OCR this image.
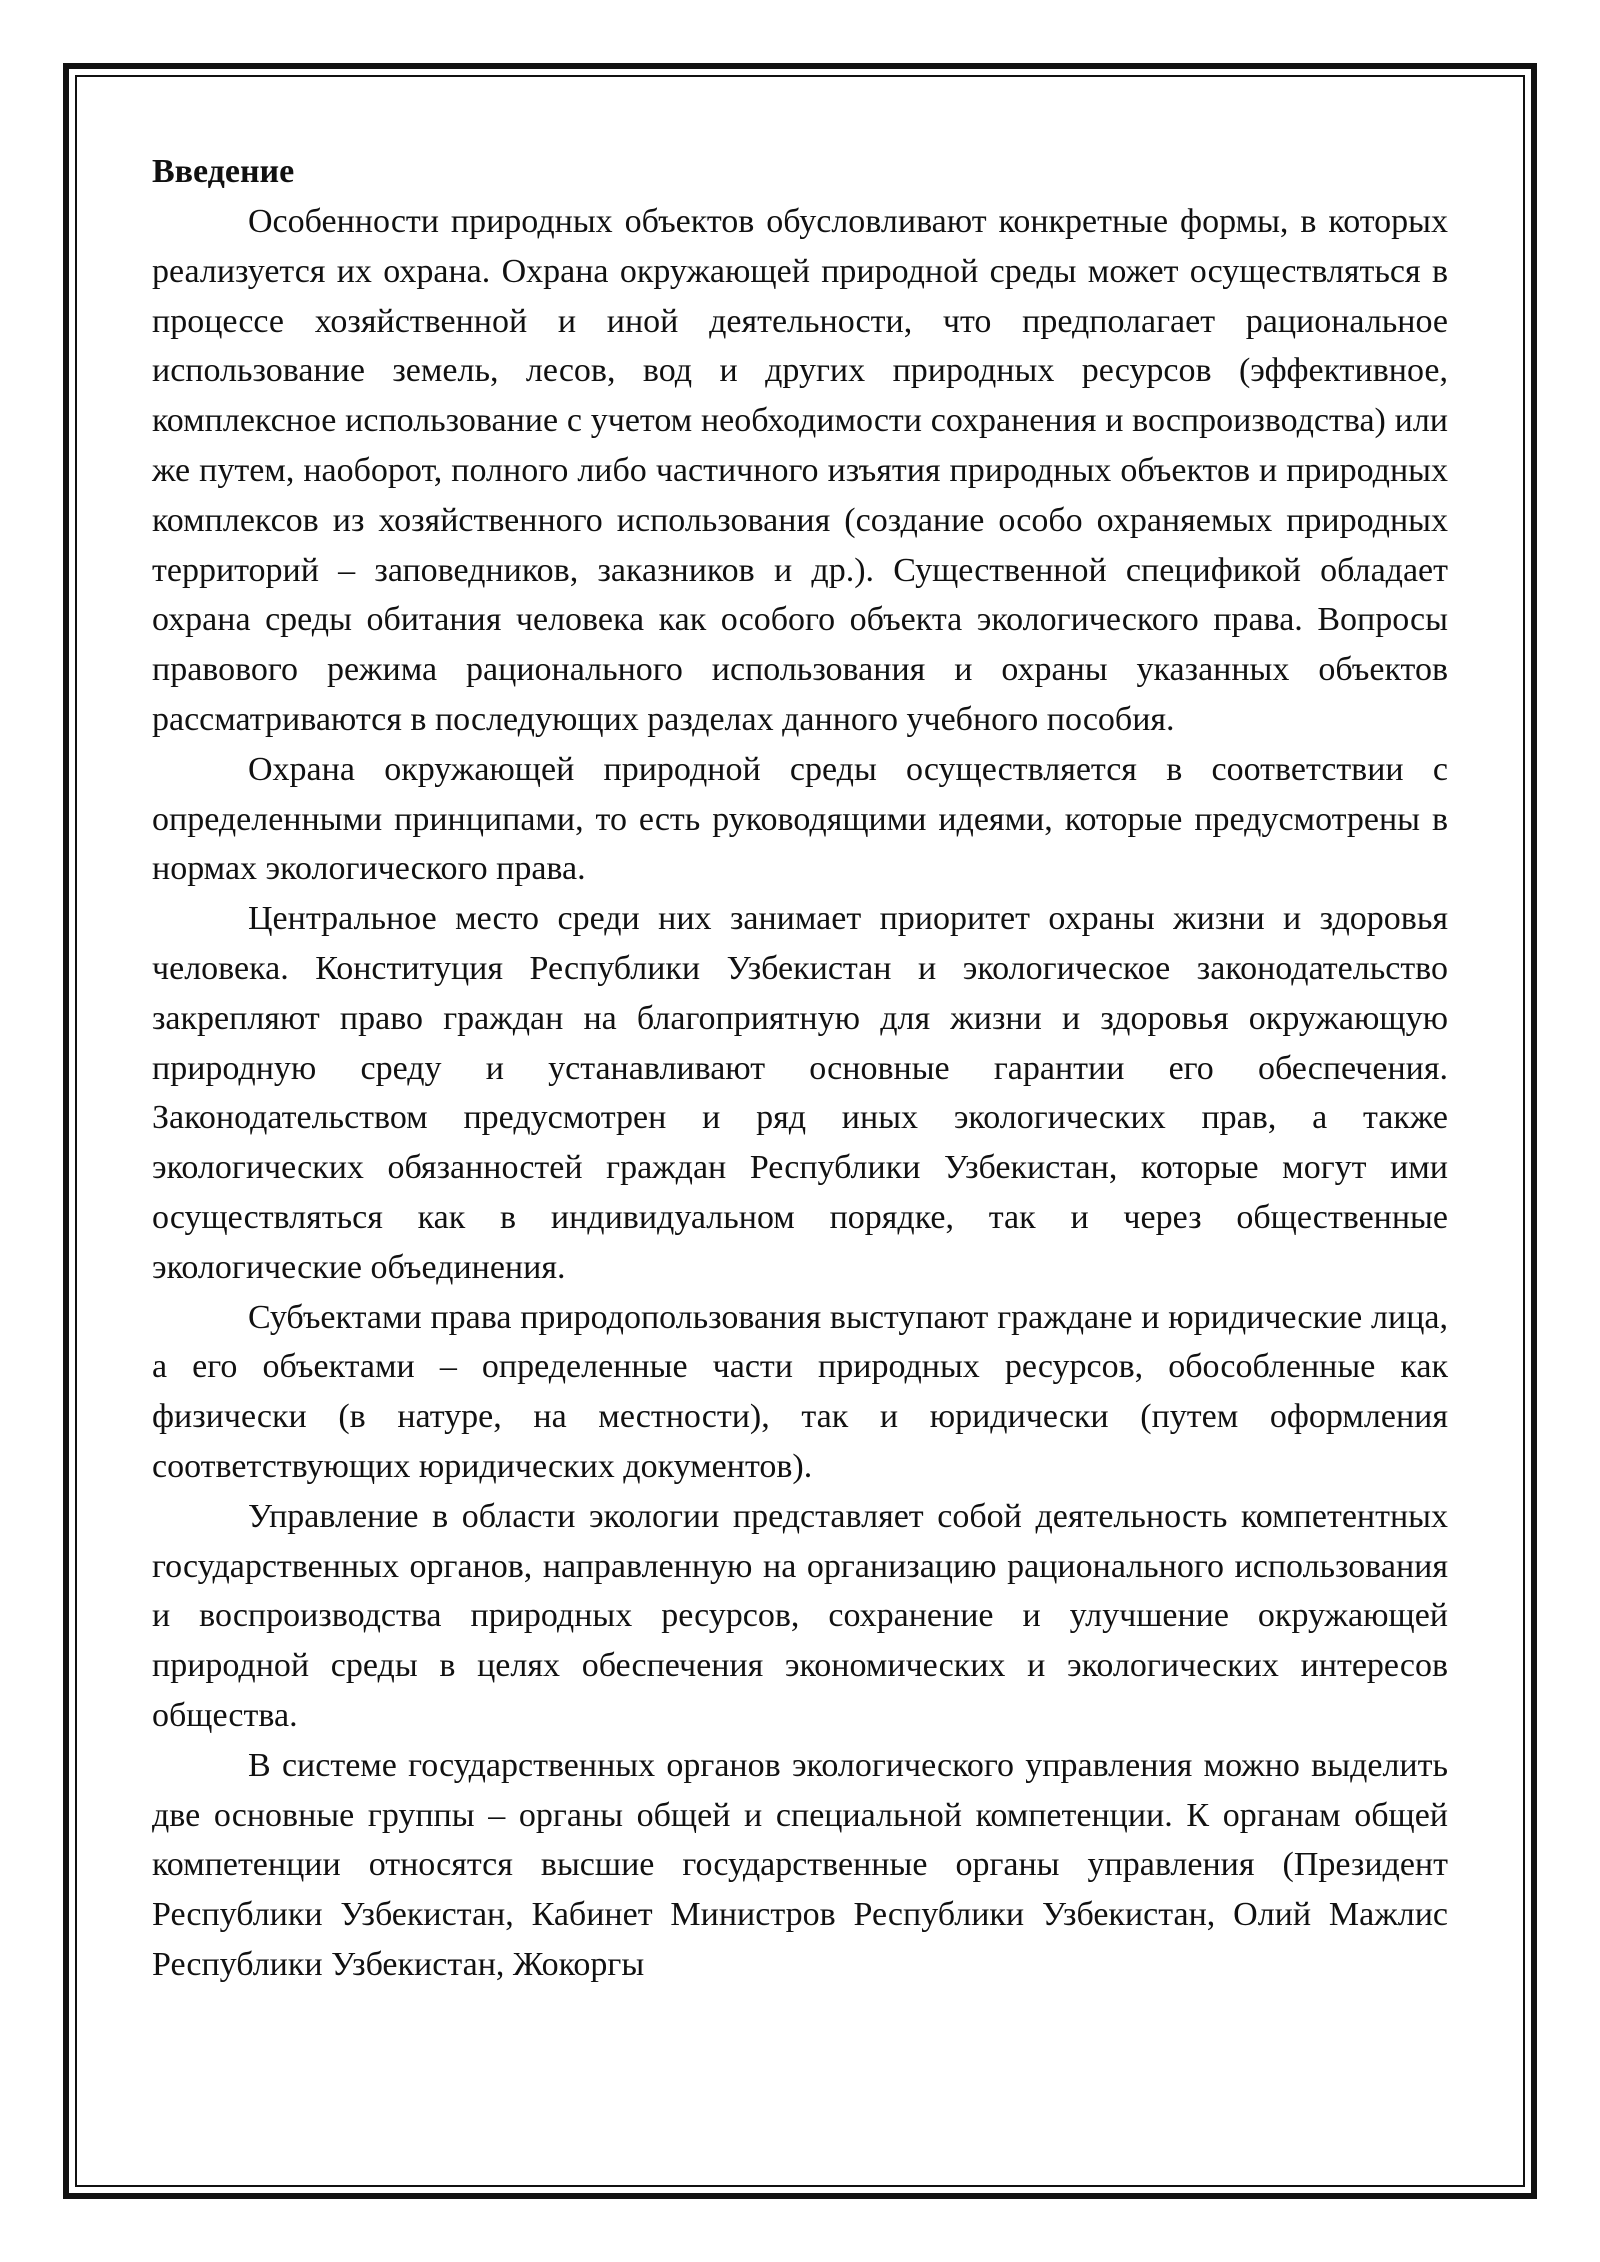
Введение

Особенности природных объектов обусловливают конкретные формы, в которых реализуется их охрана. Охрана окружающей природной среды может осуществляться в процессе хозяйственной и иной деятельности, что предполагает рациональное использование земель, лесов, вод и других природных ресурсов (эффективное, комплексное использование с учетом необходимости сохранения и воспроизводства) или же путем, наоборот, полного либо частичного изъятия природных объектов и природных комплексов из хозяйственного использования (создание особо охраняемых природных территорий – заповедников, заказников и др.). Существенной спецификой обладает охрана среды обитания человека как особого объекта экологического права. Вопросы правового режима рационального использования и охраны указанных объектов рассматриваются в последующих разделах данного учебного пособия.

Охрана окружающей природной среды осуществляется в соответствии с определенными принципами, то есть руководящими идеями, которые предусмотрены в нормах экологического права.

Центральное место среди них занимает приоритет охраны жизни и здоровья человека. Конституция Республики Узбекистан и экологическое законодательство закрепляют право граждан на благоприятную для жизни и здоровья окружающую природную среду и устанавливают основные гарантии его обеспечения. Законодательством предусмотрен и ряд иных экологических прав, а также экологических обязанностей граждан Республики Узбекистан, которые могут ими осуществляться как в индивидуальном порядке, так и через общественные экологические объединения.

Субъектами права природопользования выступают граждане и юридические лица, а его объектами – определенные части природных ресурсов, обособленные как физически (в натуре, на местности), так и юридически (путем оформления соответствующих юридических документов).

Управление в области экологии представляет собой деятельность компетентных государственных органов, направленную на организацию рационального использования и воспроизводства природных ресурсов, сохранение и улучшение окружающей природной среды в целях обеспечения экономических и экологических интересов общества.

В системе государственных органов экологического управления можно выделить две основные группы – органы общей и специальной компетенции. К органам общей компетенции относятся высшие государственные органы управления (Президент Республики Узбекистан, Кабинет Министров Республики Узбекистан, Олий Мажлис Республики Узбекистан, Жокоргы
